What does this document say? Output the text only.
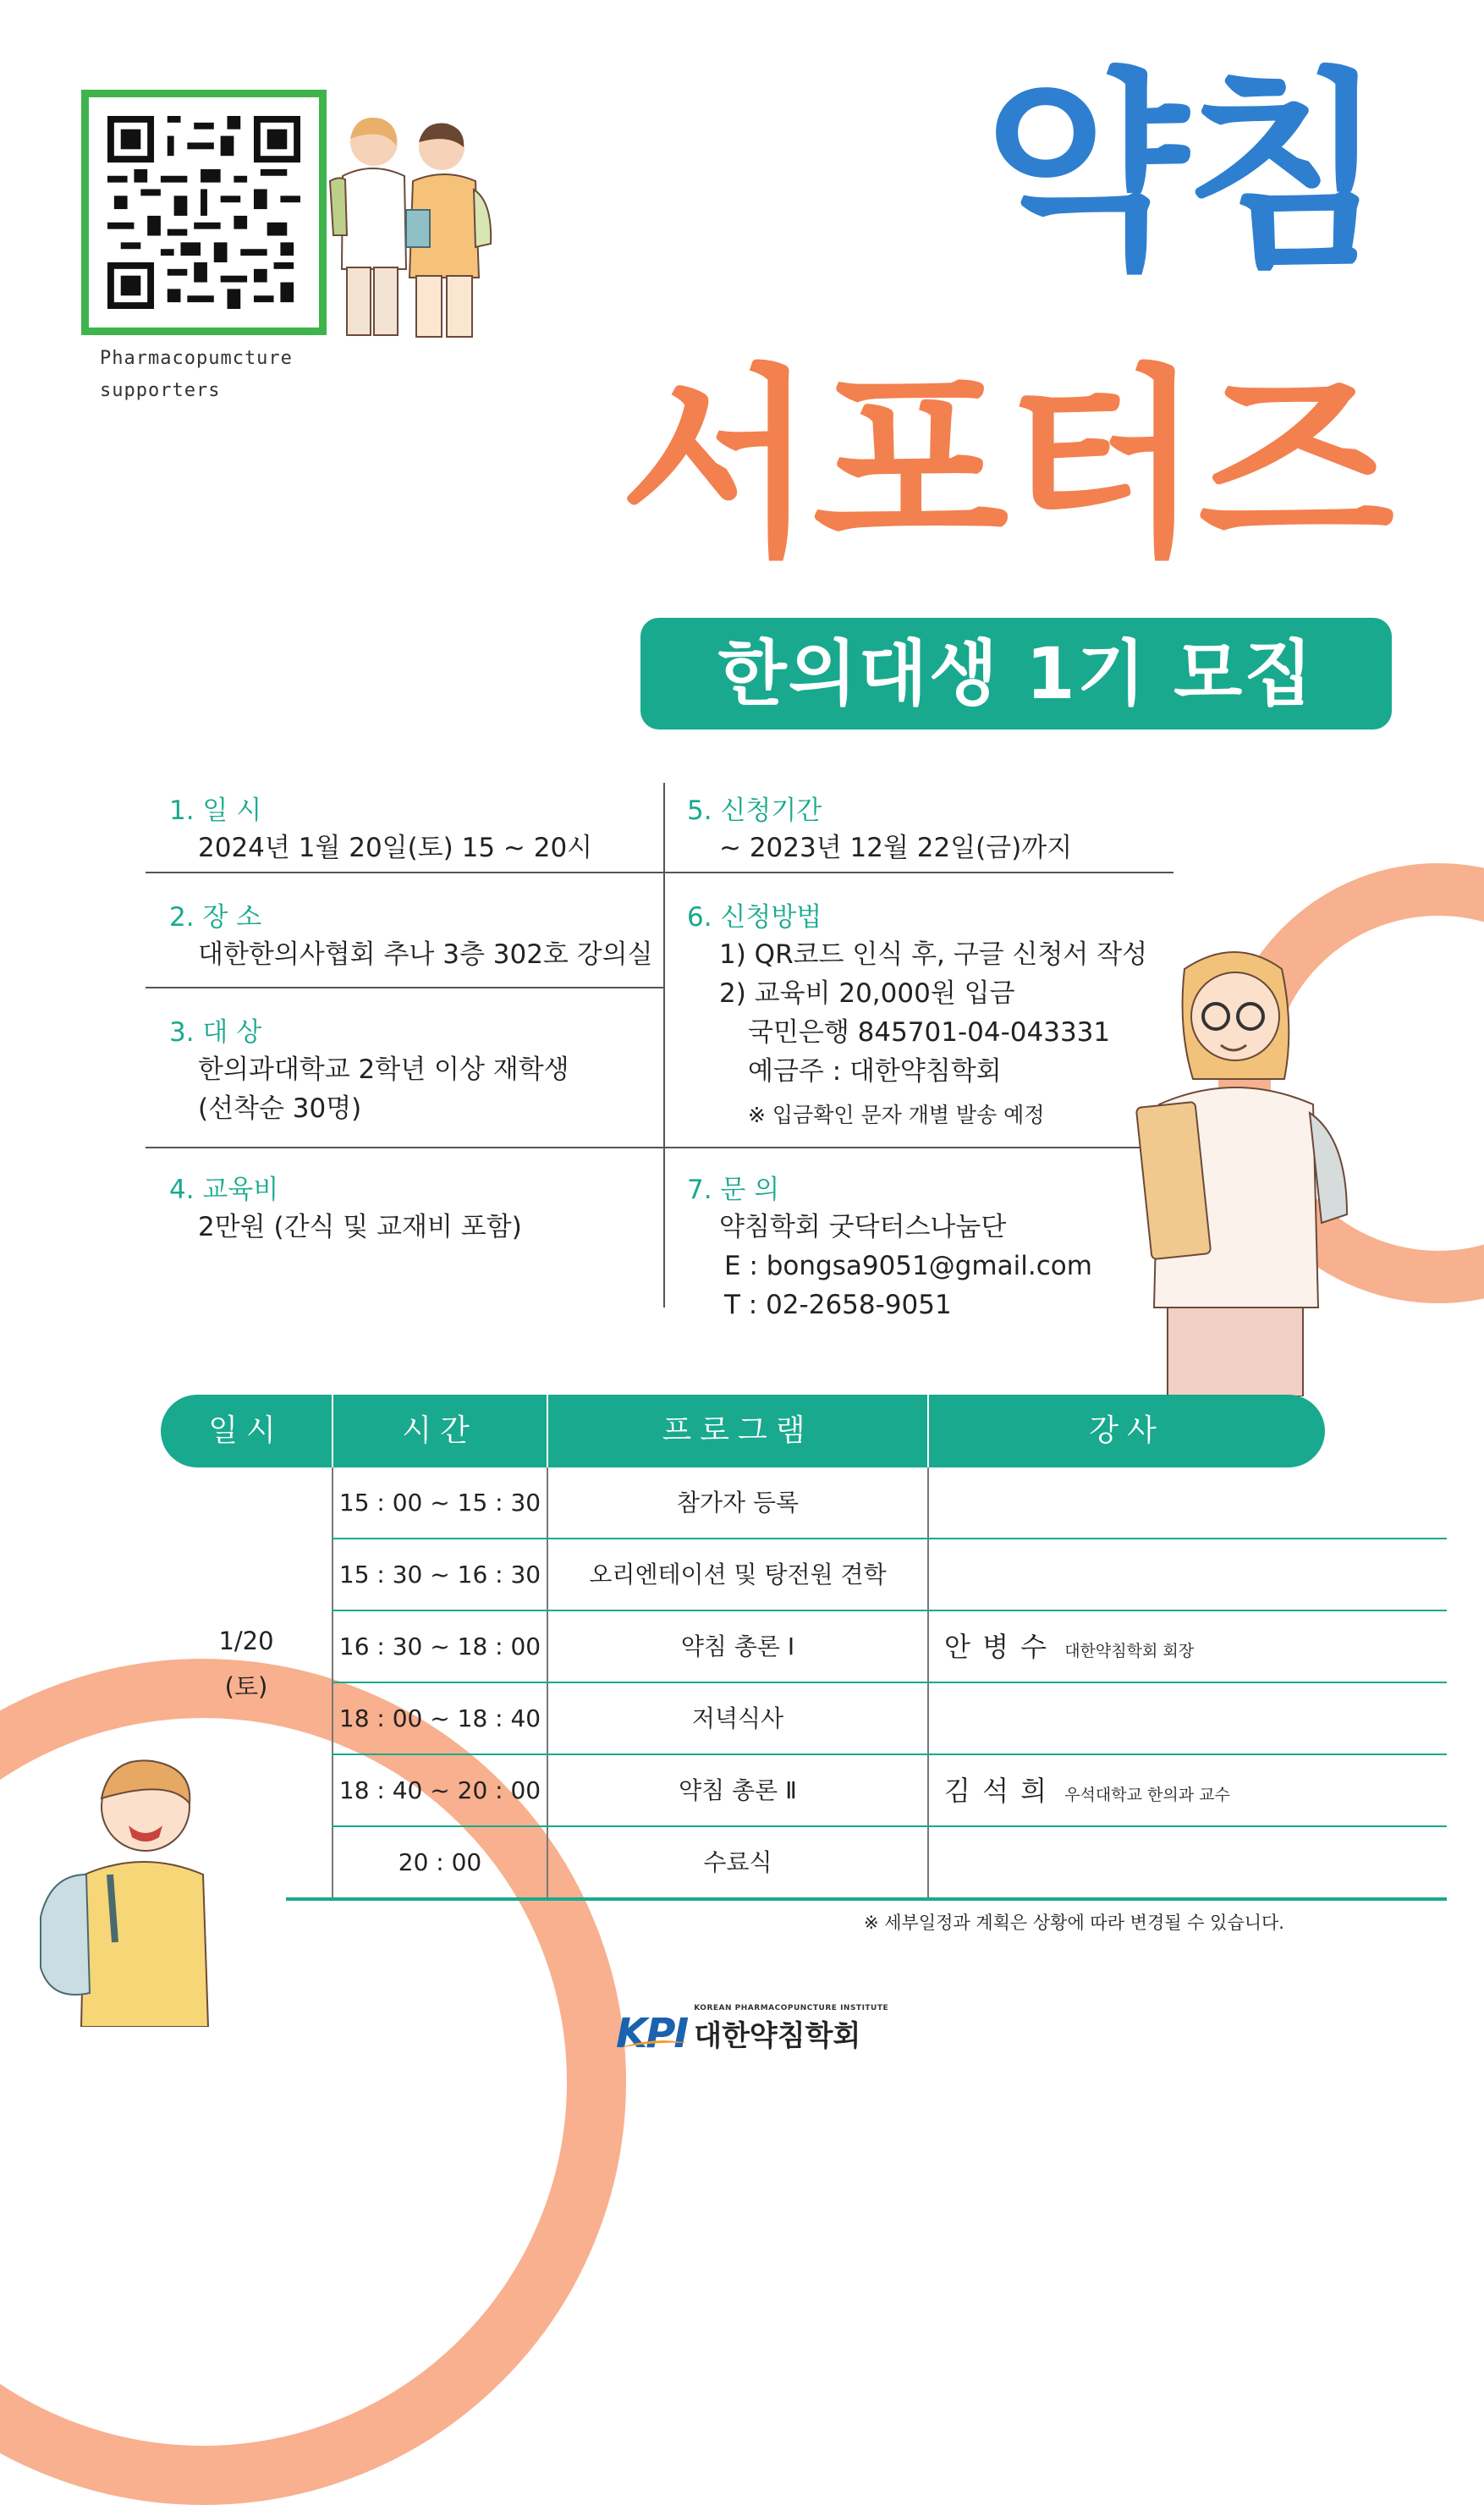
Pharmacopumcture
supporters
약침
서포터즈
한의대생 1기 모집
1. 일 시
2024년 1월 20일(토) 15 ~ 20시
2. 장 소
대한한의사협회 추나 3층 302호 강의실
3. 대 상
한의과대학교 2학년 이상 재학생
(선착순 30명)
4. 교육비
2만원 (간식 및 교재비 포함)
5. 신청기간
~ 2023년 12월 22일(금)까지
6. 신청방법
1) QR코드 인식 후, 구글 신청서 작성
2) 교육비 20,000원 입금
국민은행 845701-04-043331
예금주 : 대한약침학회
※ 입금확인 문자 개별 발송 예정
7. 문 의
약침학회 굿닥터스나눔단
E : bongsa9051@gmail.com
T : 02-2658-9051
일시	시간	프로그램	강사
1/20
(토)
15 : 00 ~ 15 : 30	참가자 등록
15 : 30 ~ 16 : 30	오리엔테이션 및 탕전원 견학
16 : 30 ~ 18 : 00	약침 총론 Ⅰ	안 병 수 대한약침학회 회장
18 : 00 ~ 18 : 40	저녁식사
18 : 40 ~ 20 : 00	약침 총론 Ⅱ	김 석 희 우석대학교 한의과 교수
20 : 00	수료식
※ 세부일정과 계획은 상황에 따라 변경될 수 있습니다.
KPI
KOREAN PHARMACOPUNCTURE INSTITUTE
대한약침학회
